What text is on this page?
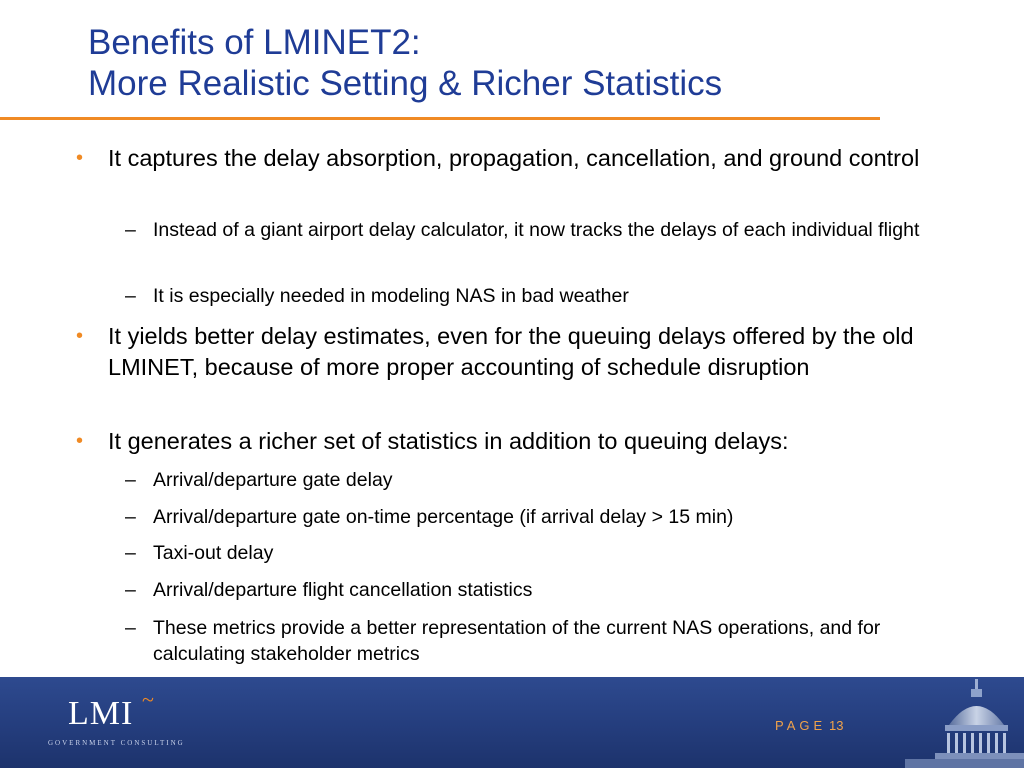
Benefits of LMINET2:
More Realistic Setting & Richer Statistics
• It captures the delay absorption, propagation, cancellation, and ground control
– Instead of a giant airport delay calculator, it now tracks the delays of each individual flight
– It is especially needed in modeling NAS in bad weather
• It yields better delay estimates, even for the queuing delays offered by the old LMINET, because of more proper accounting of schedule disruption
• It generates a richer set of statistics in addition to queuing delays:
– Arrival/departure gate delay
– Arrival/departure gate on-time percentage (if arrival delay > 15 min)
– Taxi-out delay
– Arrival/departure flight cancellation statistics
– These metrics provide a better representation of the current NAS operations, and for calculating stakeholder metrics
LMI ~
GOVERNMENT CONSULTING
PAGE 13
